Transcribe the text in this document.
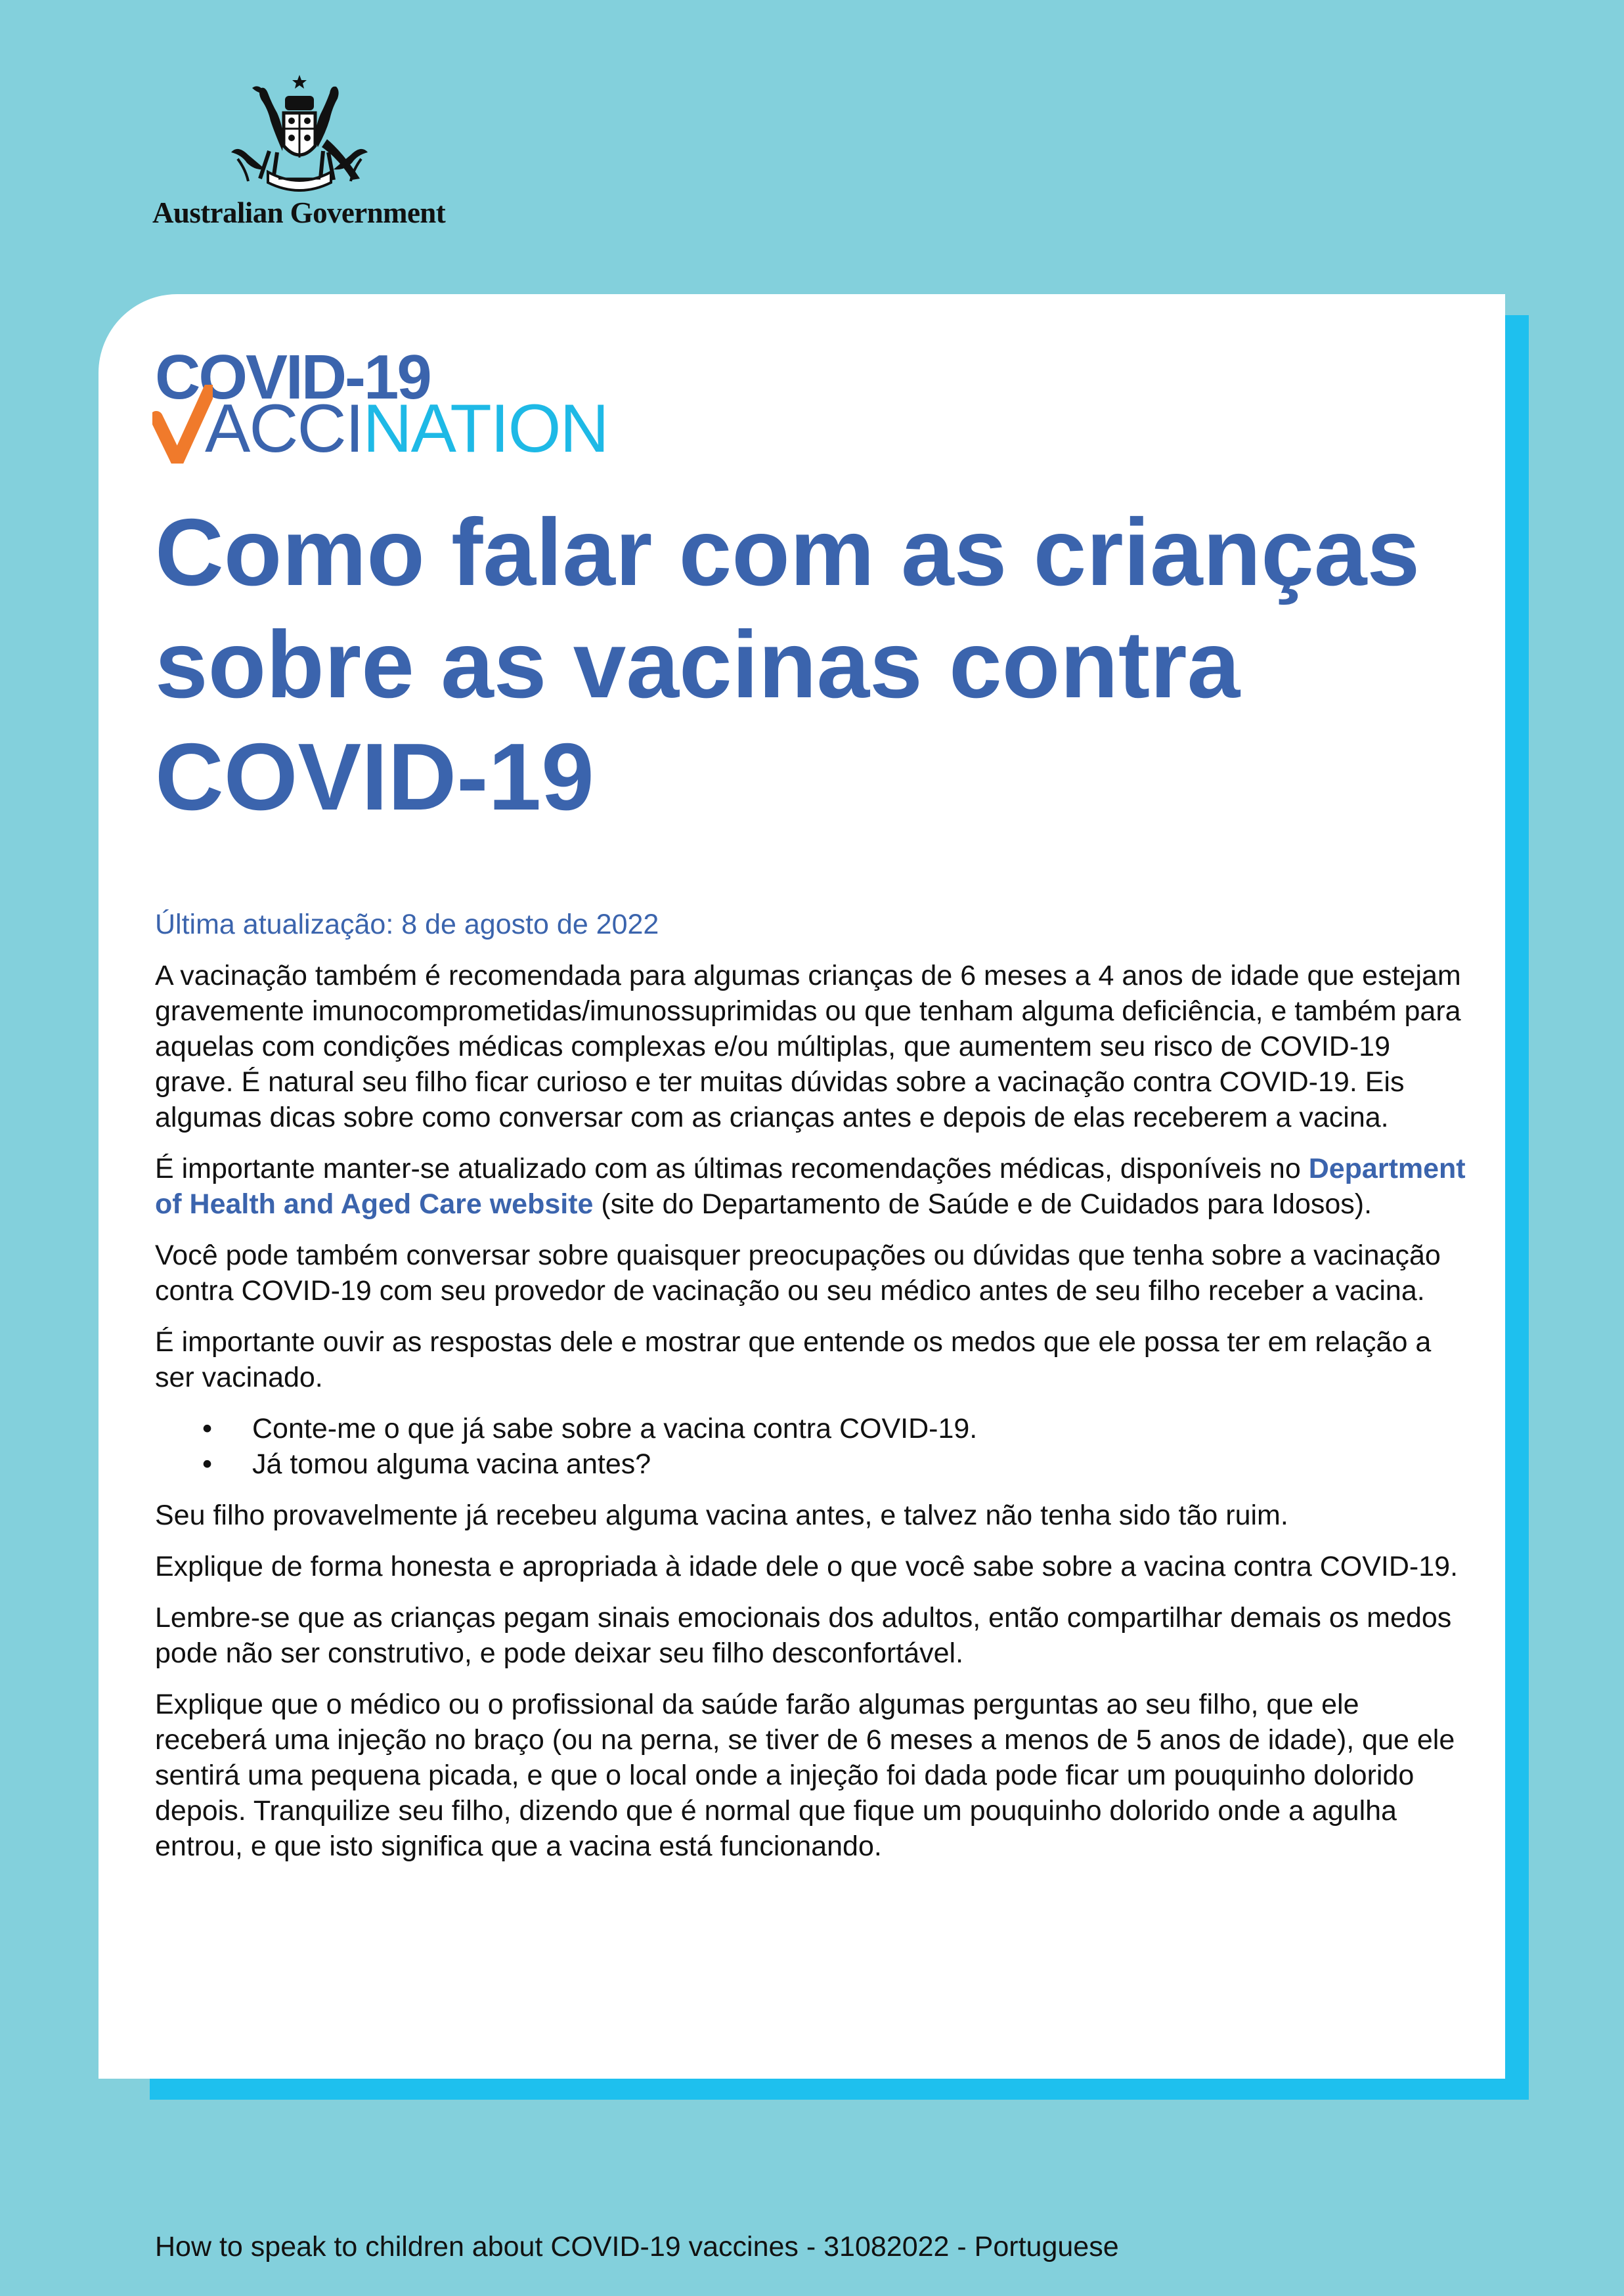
Australian Government
COVID-19
ACCINATION
Como falar com as crianças sobre as vacinas contra COVID-19
Última atualização: 8 de agosto de 2022

A vacinação também é recomendada para algumas crianças de 6 meses a 4 anos de idade que estejam gravemente imunocomprometidas/imunossuprimidas ou que tenham alguma deficiência, e também para aquelas com condições médicas complexas e/ou múltiplas, que aumentem seu risco de COVID-19 grave. É natural seu filho ficar curioso e ter muitas dúvidas sobre a vacinação contra COVID-19. Eis algumas dicas sobre como conversar com as crianças antes e depois de elas receberem a vacina.

É importante manter-se atualizado com as últimas recomendações médicas, disponíveis no Department of Health and Aged Care website (site do Departamento de Saúde e de Cuidados para Idosos).

Você pode também conversar sobre quaisquer preocupações ou dúvidas que tenha sobre a vacinação contra COVID-19 com seu provedor de vacinação ou seu médico antes de seu filho receber a vacina.

É importante ouvir as respostas dele e mostrar que entende os medos que ele possa ter em relação a ser vacinado.

• Conte-me o que já sabe sobre a vacina contra COVID-19.
• Já tomou alguma vacina antes?

Seu filho provavelmente já recebeu alguma vacina antes, e talvez não tenha sido tão ruim.

Explique de forma honesta e apropriada à idade dele o que você sabe sobre a vacina contra COVID-19.

Lembre-se que as crianças pegam sinais emocionais dos adultos, então compartilhar demais os medos pode não ser construtivo, e pode deixar seu filho desconfortável.

Explique que o médico ou o profissional da saúde farão algumas perguntas ao seu filho, que ele receberá uma injeção no braço (ou na perna, se tiver de 6 meses a menos de 5 anos de idade), que ele sentirá uma pequena picada, e que o local onde a injeção foi dada pode ficar um pouquinho dolorido depois. Tranquilize seu filho, dizendo que é normal que fique um pouquinho dolorido onde a agulha entrou, e que isto significa que a vacina está funcionando.

How to speak to children about COVID-19 vaccines - 31082022 - Portuguese
